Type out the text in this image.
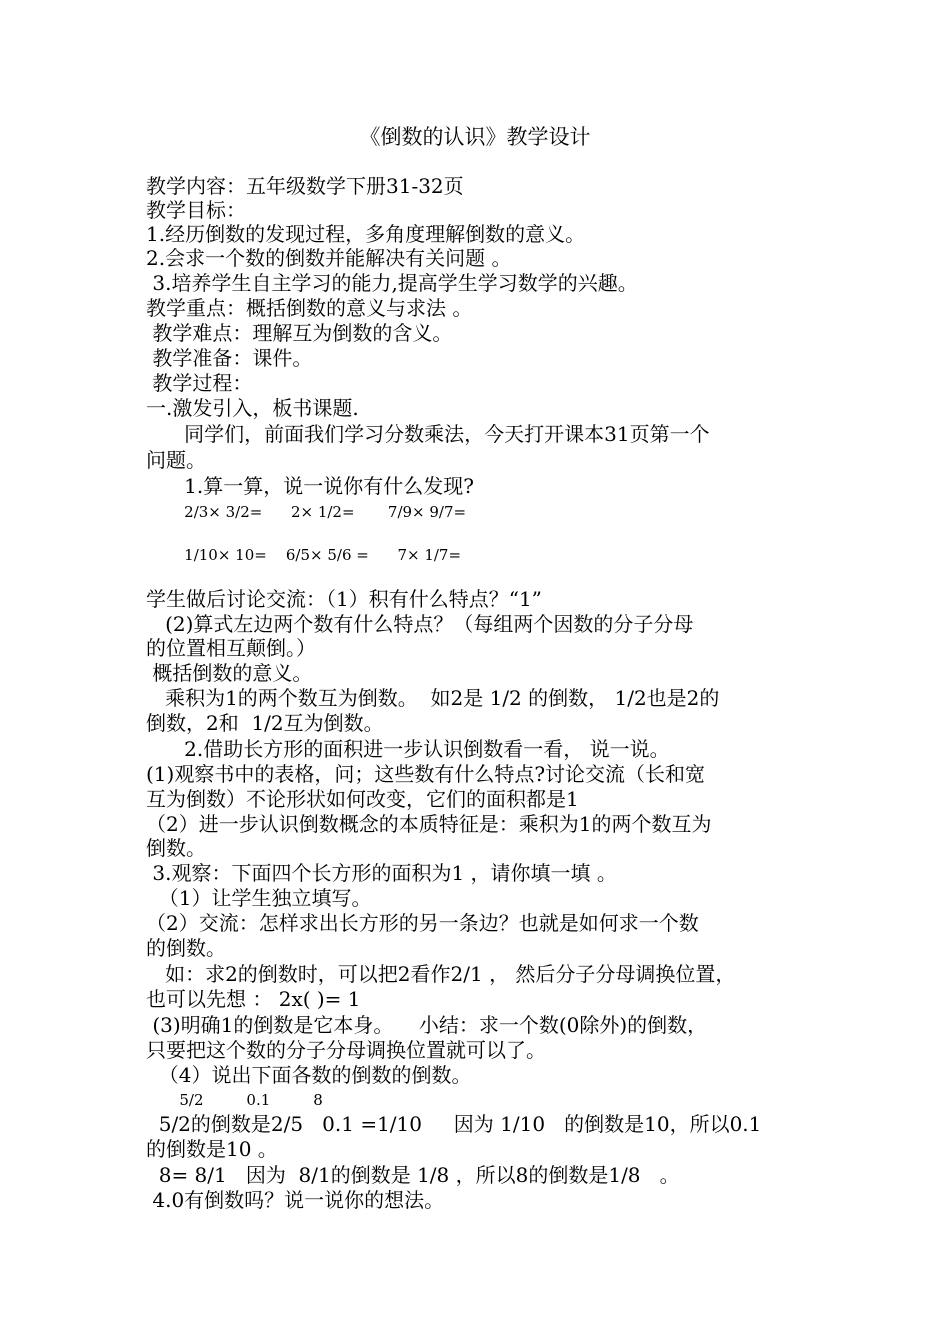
《倒数的认识》教学设计
教学内容：五年级数学下册31-32页
教学目标：
1.经历倒数的发现过程，多角度理解倒数的意义。
2.会求一个数的倒数并能解决有关问题 。
3.培养学生自主学习的能力,提高学生学习数学的兴趣。
教学重点：概括倒数的意义与求法 。
教学难点：理解互为倒数的含义。
教学准备：课件。
教学过程：
一.激发引入，板书课题.
同学们，前面我们学习分数乘法，今天打开课本31页第一个
问题。
1.算一算，说一说你有什么发现?
2/3× 3/2=      2× 1/2=       7/9× 9/7=
1/10× 10=    6/5× 5/6 =      7× 1/7=
学生做后讨论交流：（1）积有什么特点？“1”
(2)算式左边两个数有什么特点？（每组两个因数的分子分母
的位置相互颠倒。）
概括倒数的意义。
乘积为1的两个数互为倒数。  如2是 1/2 的倒数， 1/2也是2的
倒数，2和  1/2互为倒数。
2.借助长方形的面积进一步认识倒数看一看， 说一说。
(1)观察书中的表格，问；这些数有什么特点?讨论交流（长和宽
互为倒数）不论形状如何改变，它们的面积都是1
（2）进一步认识倒数概念的本质特征是：乘积为1的两个数互为
倒数。
3.观察：下面四个长方形的面积为1 ，请你填一填 。
（1）让学生独立填写。
（2）交流：怎样求出长方形的另一条边？也就是如何求一个数
的倒数。
如：求2的倒数时，可以把2看作2/1 ， 然后分子分母调换位置，
也可以先想 ： 2x( )= 1
(3)明确1的倒数是它本身。    小结：求一个数(0除外)的倒数，
只要把这个数的分子分母调换位置就可以了。
（4）说出下面各数的倒数的倒数。
5/2         0.1         8
5/2的倒数是2/5   0.1 =1/10     因为 1/10   的倒数是10，所以0.1
的倒数是10 。
8= 8/1   因为  8/1的倒数是 1/8 ，所以8的倒数是1/8   。
4.0有倒数吗？说一说你的想法。
